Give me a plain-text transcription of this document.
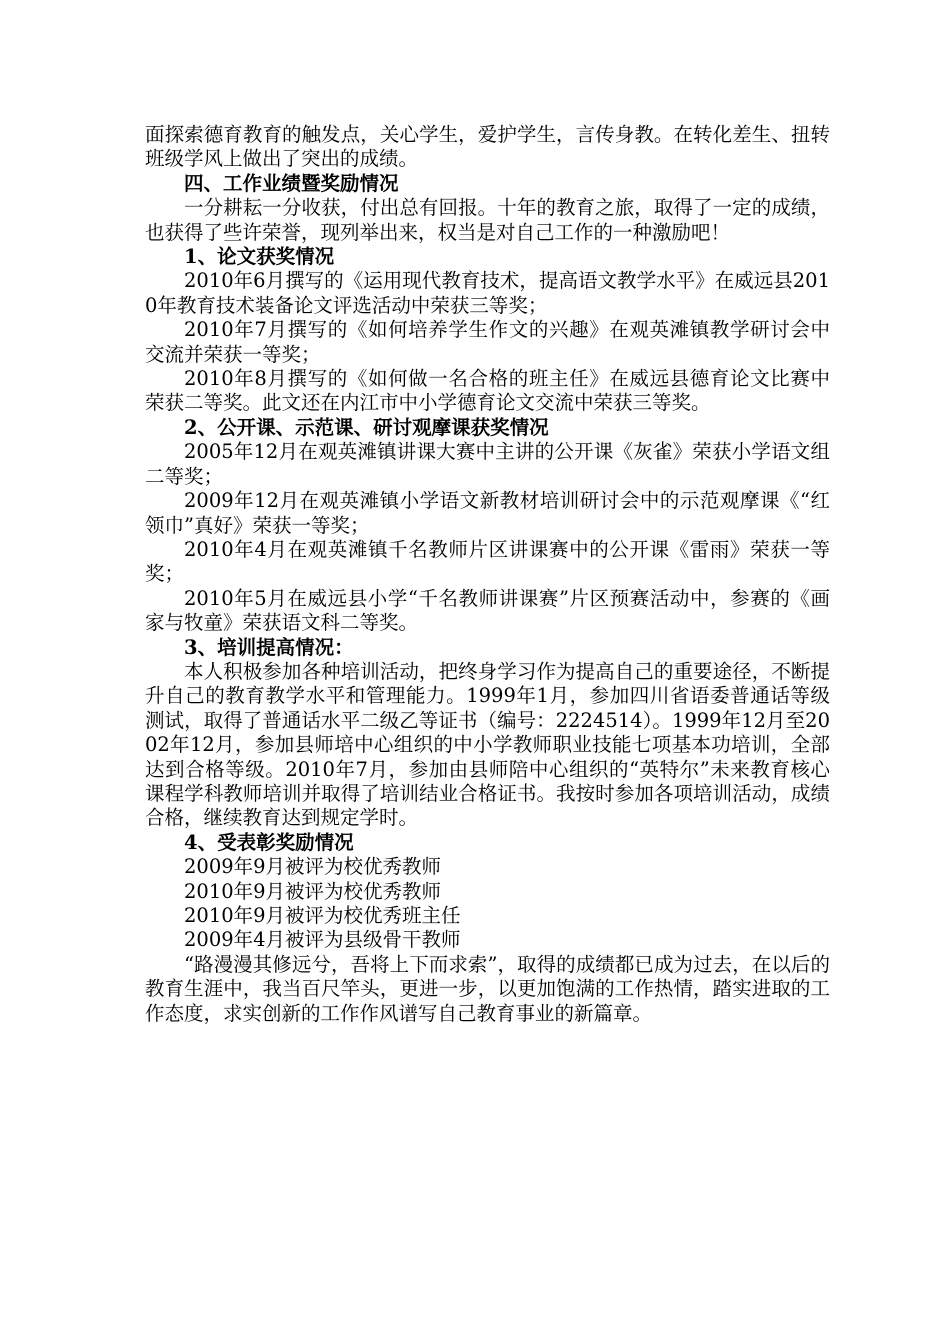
面探索德育教育的触发点，关心学生，爱护学生，言传身教。在转化差生、扭转班级学风上做出了突出的成绩。

四、工作业绩暨奖励情况

一分耕耘一分收获，付出总有回报。十年的教育之旅，取得了一定的成绩，也获得了些许荣誉，现列举出来，权当是对自己工作的一种激励吧！

1、论文获奖情况

2010年6月撰写的《运用现代教育技术，提高语文教学水平》在威远县2010年教育技术装备论文评选活动中荣获三等奖；

2010年7月撰写的《如何培养学生作文的兴趣》在观英滩镇教学研讨会中交流并荣获一等奖；

2010年8月撰写的《如何做一名合格的班主任》在威远县德育论文比赛中荣获二等奖。此文还在内江市中小学德育论文交流中荣获三等奖。

2、公开课、示范课、研讨观摩课获奖情况

2005年12月在观英滩镇讲课大赛中主讲的公开课《灰雀》荣获小学语文组二等奖；

2009年12月在观英滩镇小学语文新教材培训研讨会中的示范观摩课《“红领巾”真好》荣获一等奖；

2010年4月在观英滩镇千名教师片区讲课赛中的公开课《雷雨》荣获一等奖；

2010年5月在威远县小学“千名教师讲课赛”片区预赛活动中，参赛的《画家与牧童》荣获语文科二等奖。

3、培训提高情况：

本人积极参加各种培训活动，把终身学习作为提高自己的重要途径，不断提升自己的教育教学水平和管理能力。1999年1月，参加四川省语委普通话等级测试，取得了普通话水平二级乙等证书（编号：2224514）。1999年12月至2002年12月，参加县师培中心组织的中小学教师职业技能七项基本功培训，全部达到合格等级。2010年7月，参加由县师陪中心组织的“英特尔”未来教育核心课程学科教师培训并取得了培训结业合格证书。我按时参加各项培训活动，成绩合格，继续教育达到规定学时。

4、受表彰奖励情况

2009年9月被评为校优秀教师

2010年9月被评为校优秀教师

2010年9月被评为校优秀班主任

2009年4月被评为县级骨干教师

“路漫漫其修远兮，吾将上下而求索”，取得的成绩都已成为过去，在以后的教育生涯中，我当百尺竿头，更进一步，以更加饱满的工作热情，踏实进取的工作态度，求实创新的工作作风谱写自己教育事业的新篇章。
